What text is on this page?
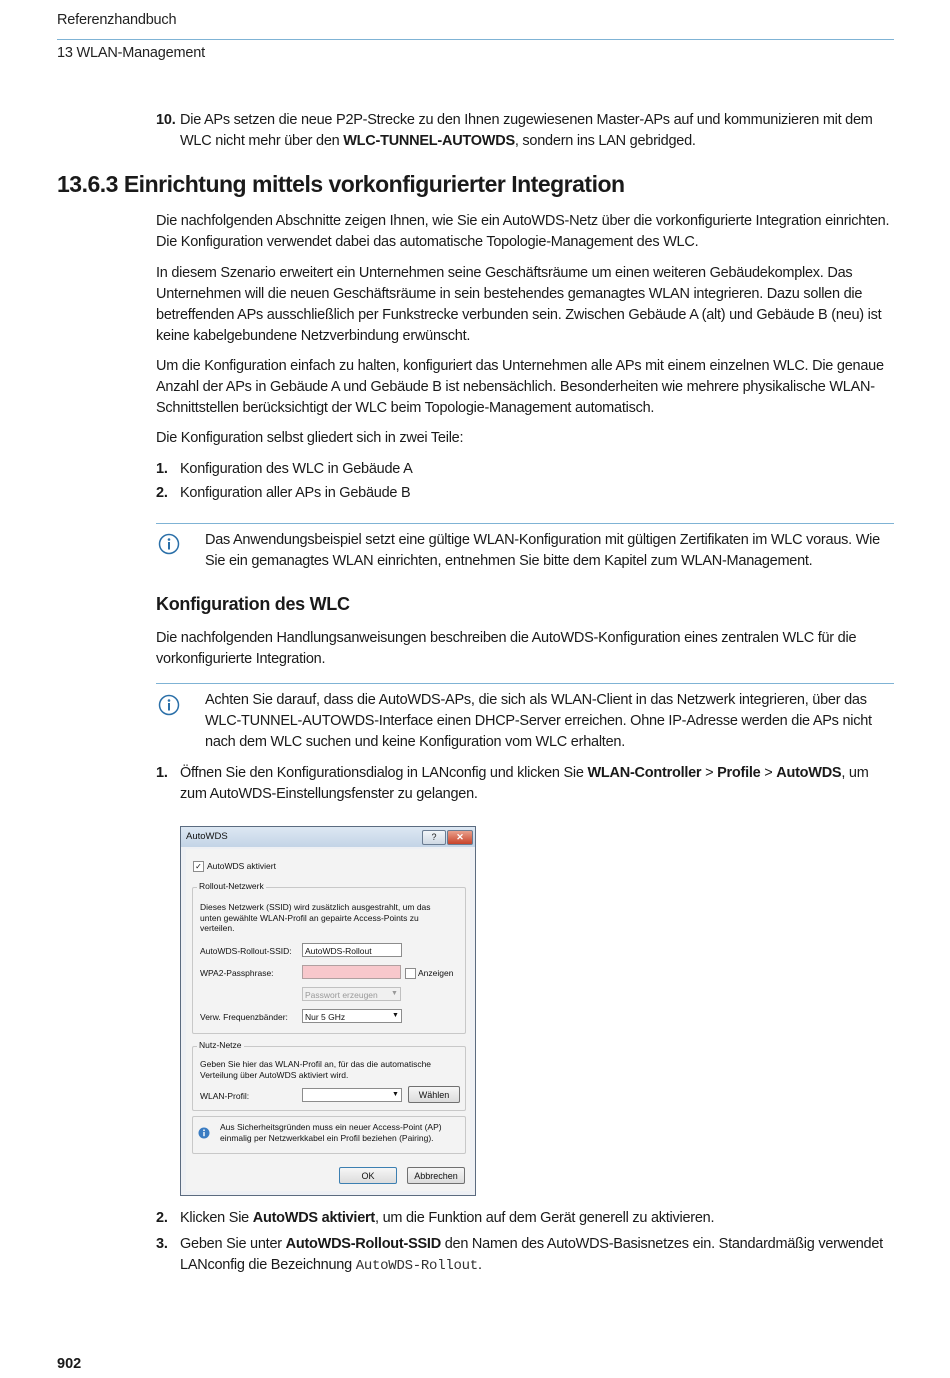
Referenzhandbuch
13 WLAN-Management
10. Die APs setzen die neue P2P-Strecke zu den Ihnen zugewiesenen Master-APs auf und kommunizieren mit dem WLC nicht mehr über den WLC-TUNNEL-AUTOWDS, sondern ins LAN gebridged.
13.6.3 Einrichtung mittels vorkonfigurierter Integration
Die nachfolgenden Abschnitte zeigen Ihnen, wie Sie ein AutoWDS-Netz über die vorkonfigurierte Integration einrichten. Die Konfiguration verwendet dabei das automatische Topologie-Management des WLC.
In diesem Szenario erweitert ein Unternehmen seine Geschäftsräume um einen weiteren Gebäudekomplex. Das Unternehmen will die neuen Geschäftsräume in sein bestehendes gemanagtes WLAN integrieren. Dazu sollen die betreffenden APs ausschließlich per Funkstrecke verbunden sein. Zwischen Gebäude A (alt) und Gebäude B (neu) ist keine kabelgebundene Netzverbindung erwünscht.
Um die Konfiguration einfach zu halten, konfiguriert das Unternehmen alle APs mit einem einzelnen WLC. Die genaue Anzahl der APs in Gebäude A und Gebäude B ist nebensächlich. Besonderheiten wie mehrere physikalische WLAN-Schnittstellen berücksichtigt der WLC beim Topologie-Management automatisch.
Die Konfiguration selbst gliedert sich in zwei Teile:
1. Konfiguration des WLC in Gebäude A
2. Konfiguration aller APs in Gebäude B
Das Anwendungsbeispiel setzt eine gültige WLAN-Konfiguration mit gültigen Zertifikaten im WLC voraus. Wie Sie ein gemanagtes WLAN einrichten, entnehmen Sie bitte dem Kapitel zum WLAN-Management.
Konfiguration des WLC
Die nachfolgenden Handlungsanweisungen beschreiben die AutoWDS-Konfiguration eines zentralen WLC für die vorkonfigurierte Integration.
Achten Sie darauf, dass die AutoWDS-APs, die sich als WLAN-Client in das Netzwerk integrieren, über das WLC-TUNNEL-AUTOWDS-Interface einen DHCP-Server erreichen. Ohne IP-Adresse werden die APs nicht nach dem WLC suchen und keine Konfiguration vom WLC erhalten.
1. Öffnen Sie den Konfigurationsdialog in LANconfig und klicken Sie WLAN-Controller > Profile > AutoWDS, um zum AutoWDS-Einstellungsfenster zu gelangen.
AutoWDS	?	✕
✓ AutoWDS aktiviert
Rollout-Netzwerk
Dieses Netzwerk (SSID) wird zusätzlich ausgestrahlt, um das unten gewählte WLAN-Profil an gepairte Access-Points zu verteilen.
AutoWDS-Rollout-SSID:	AutoWDS-Rollout
WPA2-Passphrase:	Anzeigen
Passwort erzeugen ▼
Verw. Frequenzbänder:	Nur 5 GHz	▼
Nutz-Netze
Geben Sie hier das WLAN-Profil an, für das die automatische Verteilung über AutoWDS aktiviert wird.
WLAN-Profil:	▼	Wählen
Aus Sicherheitsgründen muss ein neuer Access-Point (AP) einmalig per Netzwerkkabel ein Profil beziehen (Pairing).
OK	Abbrechen
2. Klicken Sie AutoWDS aktiviert, um die Funktion auf dem Gerät generell zu aktivieren.
3. Geben Sie unter AutoWDS-Rollout-SSID den Namen des AutoWDS-Basisnetzes ein. Standardmäßig verwendet LANconfig die Bezeichnung AutoWDS-Rollout.
902
